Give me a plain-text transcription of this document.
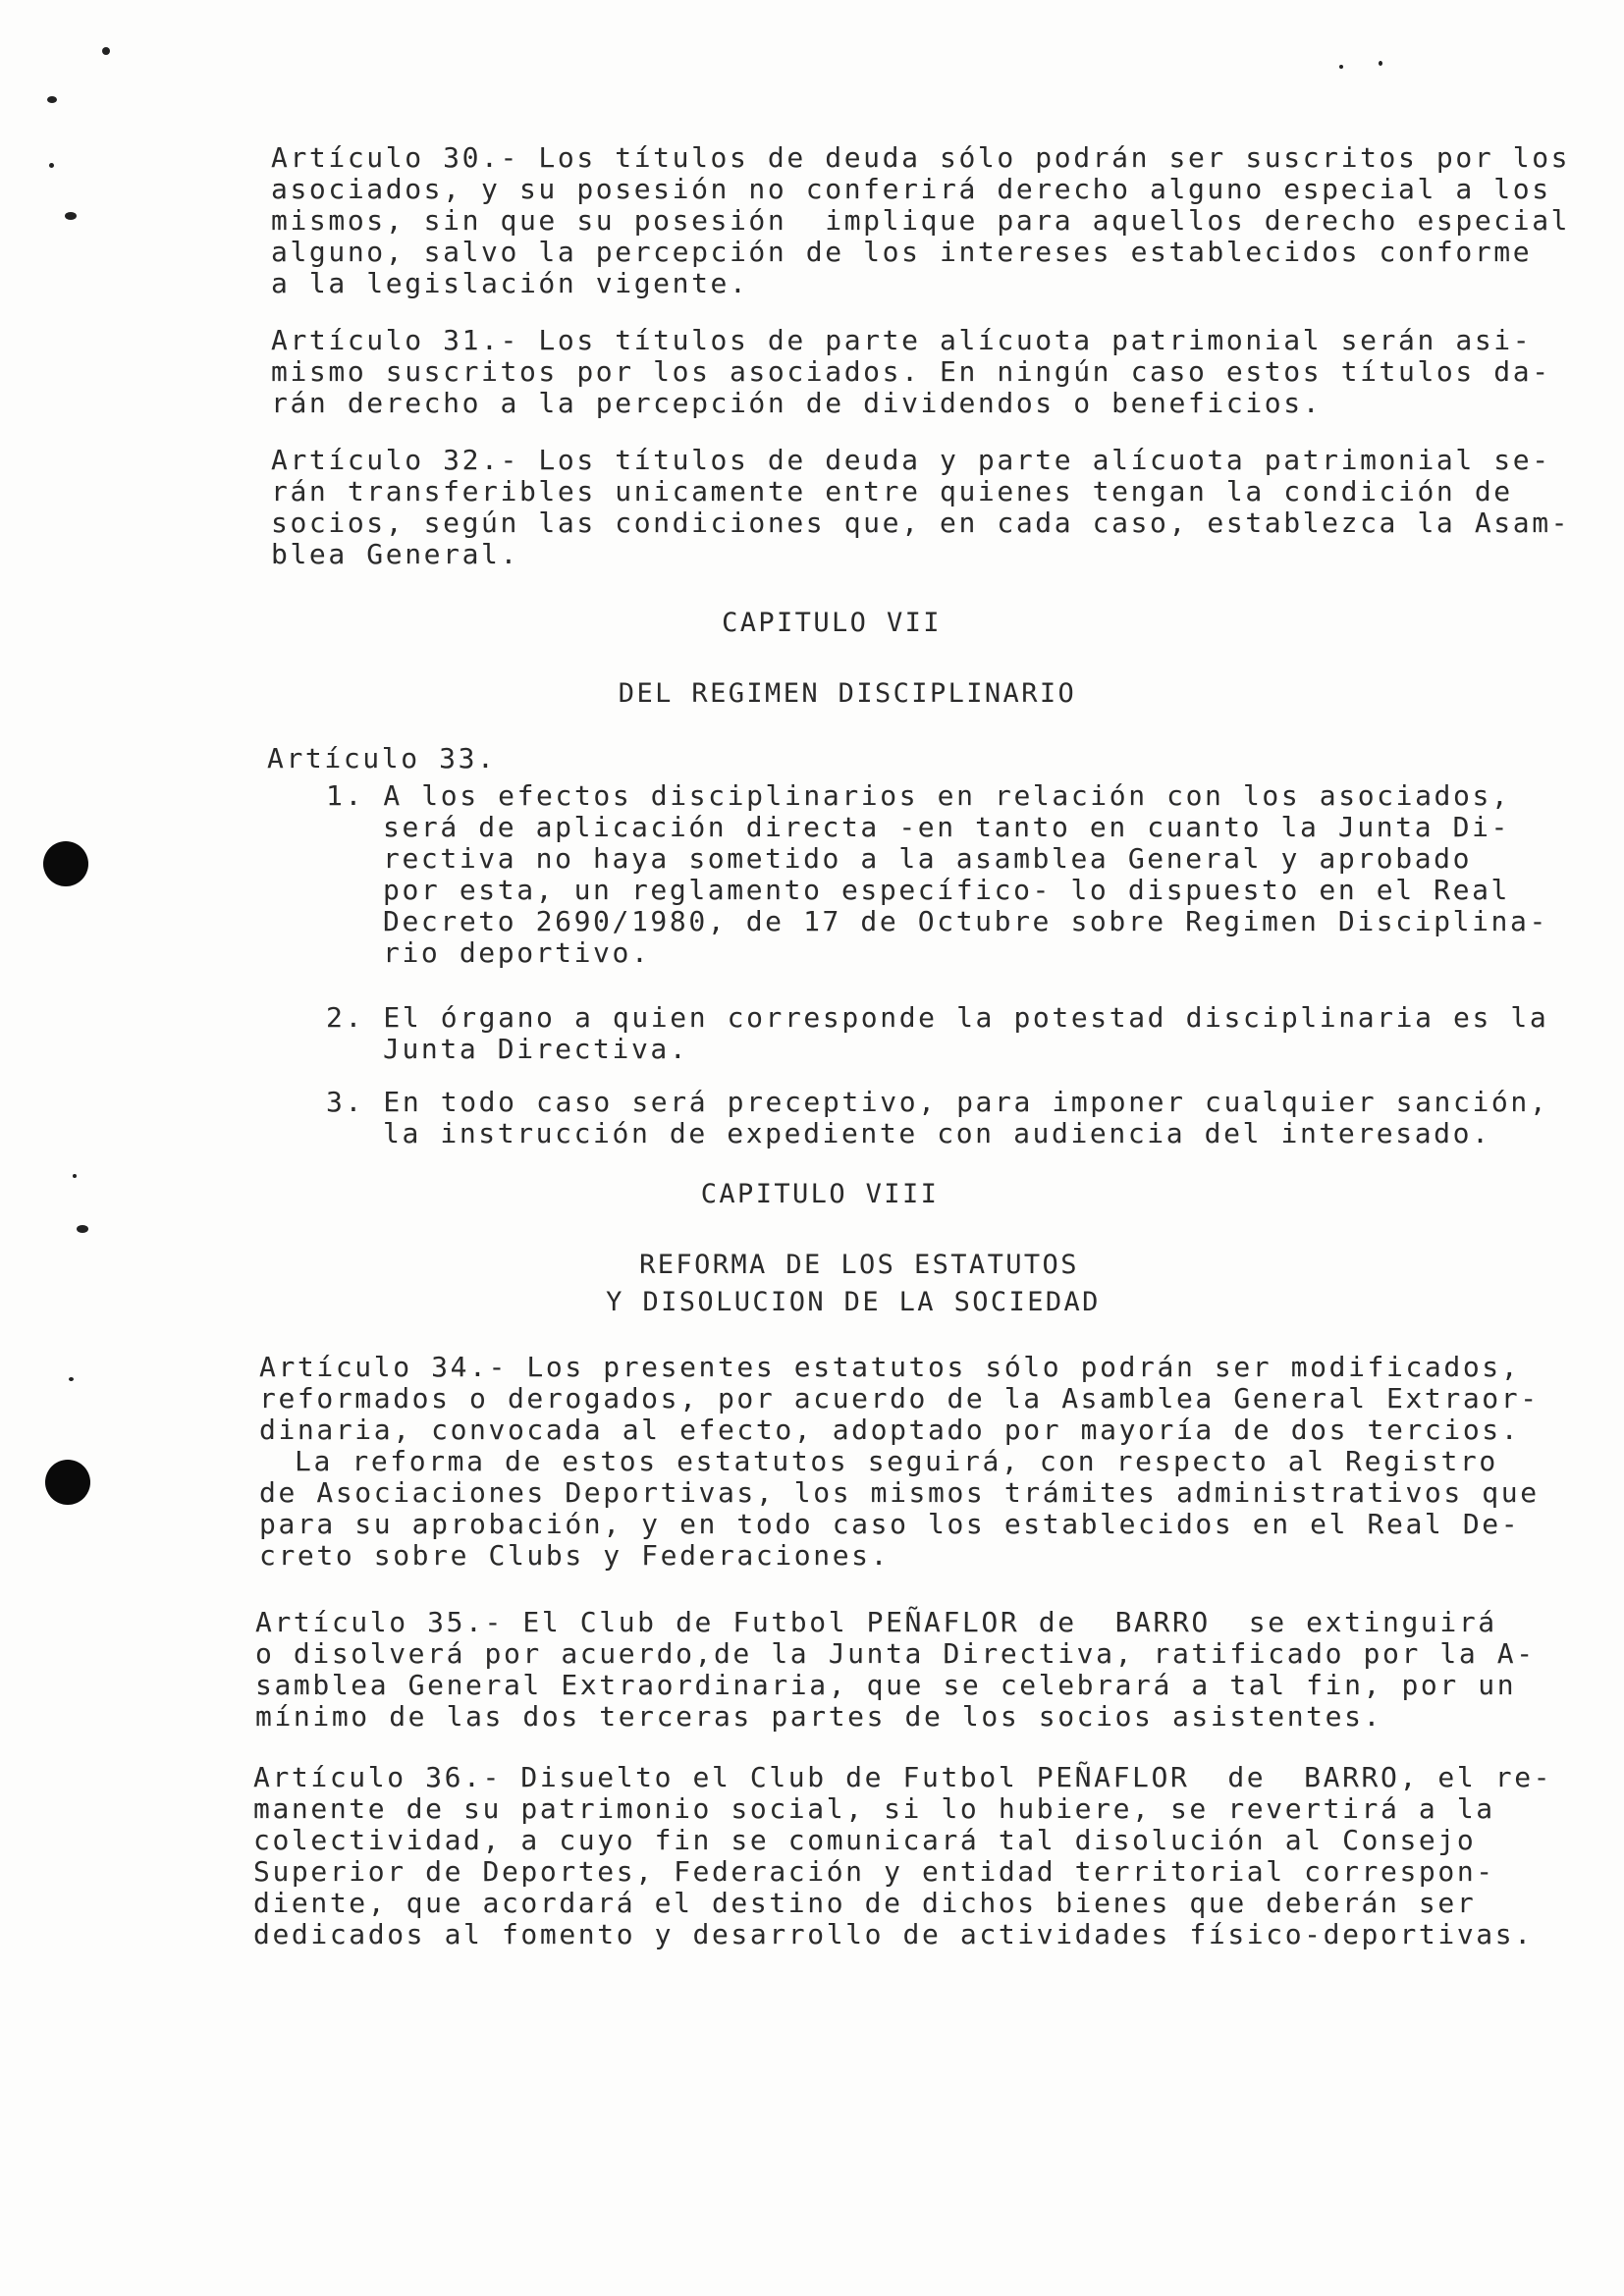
Artículo 30.- Los títulos de deuda sólo podrán ser suscritos por los
asociados, y su posesión no conferirá derecho alguno especial a los
mismos, sin que su posesión  implique para aquellos derecho especial
alguno, salvo la percepción de los intereses establecidos conforme
a la legislación vigente.
Artículo 31.- Los títulos de parte alícuota patrimonial serán asi-
mismo suscritos por los asociados. En ningún caso estos títulos da-
rán derecho a la percepción de dividendos o beneficios.
Artículo 32.- Los títulos de deuda y parte alícuota patrimonial se-
rán transferibles unicamente entre quienes tengan la condición de
socios, según las condiciones que, en cada caso, establezca la Asam-
blea General.
CAPITULO VII
DEL REGIMEN DISCIPLINARIO
Artículo 33.
1. A los efectos disciplinarios en relación con los asociados,
será de aplicación directa -en tanto en cuanto la Junta Di-
rectiva no haya sometido a la asamblea General y aprobado
por esta, un reglamento específico- lo dispuesto en el Real
Decreto 2690/1980, de 17 de Octubre sobre Regimen Disciplina-
rio deportivo.
2. El órgano a quien corresponde la potestad disciplinaria es la
Junta Directiva.
3. En todo caso será preceptivo, para imponer cualquier sanción,
la instrucción de expediente con audiencia del interesado.
CAPITULO VIII
REFORMA DE LOS ESTATUTOS
Y DISOLUCION DE LA SOCIEDAD
Artículo 34.- Los presentes estatutos sólo podrán ser modificados,
reformados o derogados, por acuerdo de la Asamblea General Extraor-
dinaria, convocada al efecto, adoptado por mayoría de dos tercios.
La reforma de estos estatutos seguirá, con respecto al Registro
de Asociaciones Deportivas, los mismos trámites administrativos que
para su aprobación, y en todo caso los establecidos en el Real De-
creto sobre Clubs y Federaciones.
Artículo 35.- El Club de Futbol PEÑAFLOR de  BARRO  se extinguirá
o disolverá por acuerdo,de la Junta Directiva, ratificado por la A-
samblea General Extraordinaria, que se celebrará a tal fin, por un
mínimo de las dos terceras partes de los socios asistentes.
Artículo 36.- Disuelto el Club de Futbol PEÑAFLOR  de  BARRO, el re-
manente de su patrimonio social, si lo hubiere, se revertirá a la
colectividad, a cuyo fin se comunicará tal disolución al Consejo
Superior de Deportes, Federación y entidad territorial correspon-
diente, que acordará el destino de dichos bienes que deberán ser
dedicados al fomento y desarrollo de actividades físico-deportivas.
